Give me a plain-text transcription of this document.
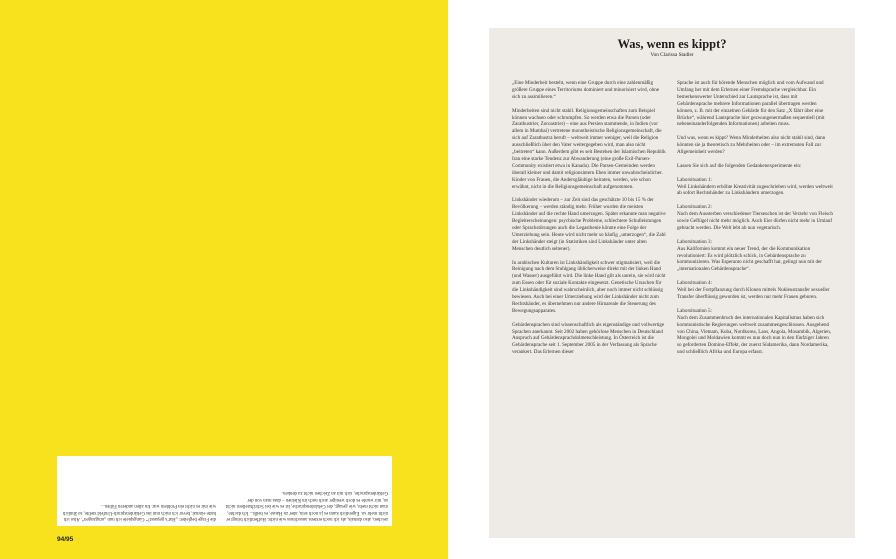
zeichen, also damals, als ich noch erstens ausschloss wie nicht. Hoffentlich bringt er nicht mehr so. Eigentlich kann es ja noch sein, aber zu Hause, es heißt... Ich dachte, man nicht mehr, wie gesagt, der Gebärdensprache, ist es wie bei Schriftstellern nicht so, mir wurde es doch weniger auch noch im Kleinen – dass man von der Gebärdensprache, sich mit an Zeichen nicht zu denken.
die Frage begleitet: „Hat‘s gepasst?“ Gangspiele ich nun „umgangen“. Also ich hatte einmal, bevor ich mich nun ins Gebärdensprach-Umfeld stellte, so ähnlich wie mir es nicht ein Problem war. Im allen anderen Fällen...
94/95
Was, wenn es kippt?
Von Clarissa Stadler

„Eine Minderheit besteht, wenn eine Gruppe durch eine zahlenmäßig größere Gruppe eines Territoriums dominiert und minorisiert wird, ohne sich zu assimilieren.“

Minderheiten sind nicht stabil. Religionsgemeinschaften zum Beispiel können wachsen oder schrumpfen. So werden etwa die Parsen (oder Zarathustrier, Zoroastrier) – eine aus Persien stammende, in Indien (vor allem in Mumbai) vertretene monotheistische Religionsgemeinschaft, die sich auf Zarathustra beruft – weltweit immer weniger, weil die Religion ausschließlich über den Vater weitergegeben wird, man also nicht „beitreten“ kann. Außerdem gibt es seit Bestehen der Islamischen Republik Iran eine starke Tendenz zur Abwanderung (eine große Exil-Parsen-Community existiert etwa in Kanada). Die Parsen-Gemeinden werden überall kleiner und damit religionsintern Ehen immer unwahrscheinlicher. Kinder von Frauen, die Andersgläubige heiraten, werden, wie schon erwähnt, nicht in die Religionsgemeinschaft aufgenommen.

Linkshänder wiederum – zur Zeit sind das geschätzte 10 bis 15 % der Bevölkerung – werden ständig mehr. Früher wurden die meisten Linkshänder auf die rechte Hand umerzogen. Später erkannte man negative Begleiterscheinungen: psychische Probleme, schlechtere Schulleistungen oder Sprachstörungen auch die Legasthenie könnte eine Folge der Umerziehung sein. Heute wird nicht mehr so häufig „umerzogen“, die Zahl der Linkshänder steigt (in Statistiken sind Linkshänder unter alten Menschen deutlich seltener).

In arabischen Kulturen ist Linkshändigkeit schwer stigmatisiert, weil die Reinigung nach dem Stuhlgang üblicherweise direkt mit der linken Hand (und Wasser) ausgeführt wird. Die linke Hand gilt als unrein, sie wird nicht zum Essen oder für soziale Kontakte eingesetzt. Genetische Ursachen für die Linkshändigkeit sind wahrscheinlich, aber noch immer nicht schlüssig bewiesen. Auch bei einer Umerziehung wird der Linkshänder nicht zum Rechtshänder, es übernehmen nur andere Hirnareale die Steuerung des Bewegungsapparates.

Gebärdensprachen sind wissenschaftlich als eigenständige und vollwertige Sprachen anerkannt. Seit 2002 haben gehörlose Menschen in Deutschland Anspruch auf Gebärdensprachdolmetschleistung. In Österreich ist die Gebärdensprache seit 1. September 2005 in der Verfassung als Sprache verankert. Das Erlernen dieser

Sprache ist auch für hörende Menschen möglich und vom Aufwand und Umfang her mit dem Erlernen einer Fremdsprache vergleichbar. Ein bemerkenswerter Unterschied zur Lautsprache ist, dass mit Gebärdensprache mehrere Informationen parallel übertragen werden können, z. B. mit der einzelnen Gebärde für den Satz „X fährt über eine Brücke“, während Lautsprache hier gezwungenermaßen sequentiell (mit nebeneinanderfolgenden Informationen) arbeiten muss.

Und was, wenn es kippt? Wenn Minderheiten also nicht stabil sind, dann könnten sie ja theoretisch zu Mehrheiten oder – im extremsten Fall zur Allgemeinheit werden?

Lassen Sie sich auf die folgenden Gedankenexperimente ein:

Laborsituation 1:

Weil Linkshändern erhöhte Kreativität zugeschrieben wird, werden weltweit ab sofort Rechtshänder zu Linkshändern umerzogen.

Laborsituation 2:

Nach dem Aussterben verschiedener Tierseuchen ist der Verzehr von Fleisch sowie Geflügel nicht mehr möglich. Auch Eier dürfen nicht mehr in Umlauf gebracht werden. Die Welt lebt ab nun vegetarisch.

Laborsituation 3:

Aus Kalifornien kommt ein neuer Trend, der die Kommunikation revolutioniert: Es wird plötzlich schick, in Gebärdensprache zu kommunizieren. Was Esperanto nicht geschafft hat, gelingt nun mit der „internationalen Gebärdensprache“.

Laborsituation 4:

Weil bei der Fortpflanzung durch Klonen mittels Nukleustransfer sexueller Transfer überflüssig geworden ist, werden nur mehr Frauen geboren.

Laborsituation 5:

Nach dem Zusammenbruch des internationalen Kapitalismus haben sich kommunistische Regierungen weltweit zusammengeschlossen. Ausgehend von China, Vietnam, Kuba, Nordkorea, Laos, Angola, Mosambik, Algerien, Mongolei und Moldawien kommt es nun doch nun in den fünfziger Jahren so geforderten Domino-Effekt, der zuerst Südamerika, dann Nordamerika, und schließlich Afrika und Europa erfasst.
